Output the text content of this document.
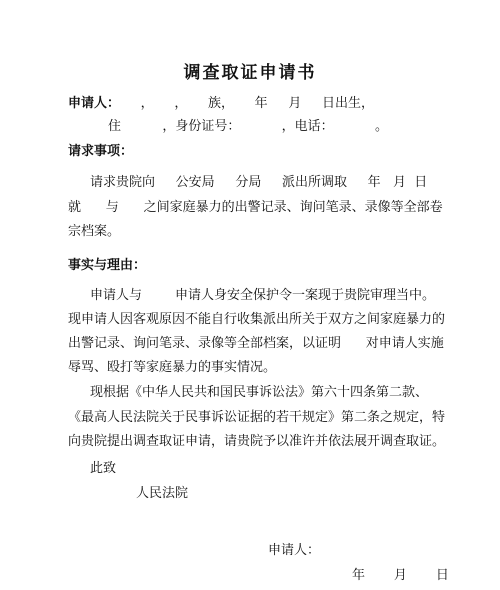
调查取证申请书
申请人：     ，     ，     族，     年     月     日出生，
住          ，身份证号：          ，电话：          。
请求事项：
请求贵院向     公安局     分局     派出所调取     年   月  日
就      与      之间家庭暴力的出警记录、询问笔录、录像等全部卷
宗档案。
事实与理由：
申请人与        申请人身安全保护令一案现于贵院审理当中。
现申请人因客观原因不能自行收集派出所关于双方之间家庭暴力的
出警记录、询问笔录、录像等全部档案，以证明      对申请人实施
辱骂、殴打等家庭暴力的事实情况。
现根据《中华人民共和国民事诉讼法》第六十四条第二款、
《最高人民法院关于民事诉讼证据的若干规定》第二条之规定，特
向贵院提出调查取证申请，请贵院予以准许并依法展开调查取证。
此致
人民法院
申请人：
年       月       日
